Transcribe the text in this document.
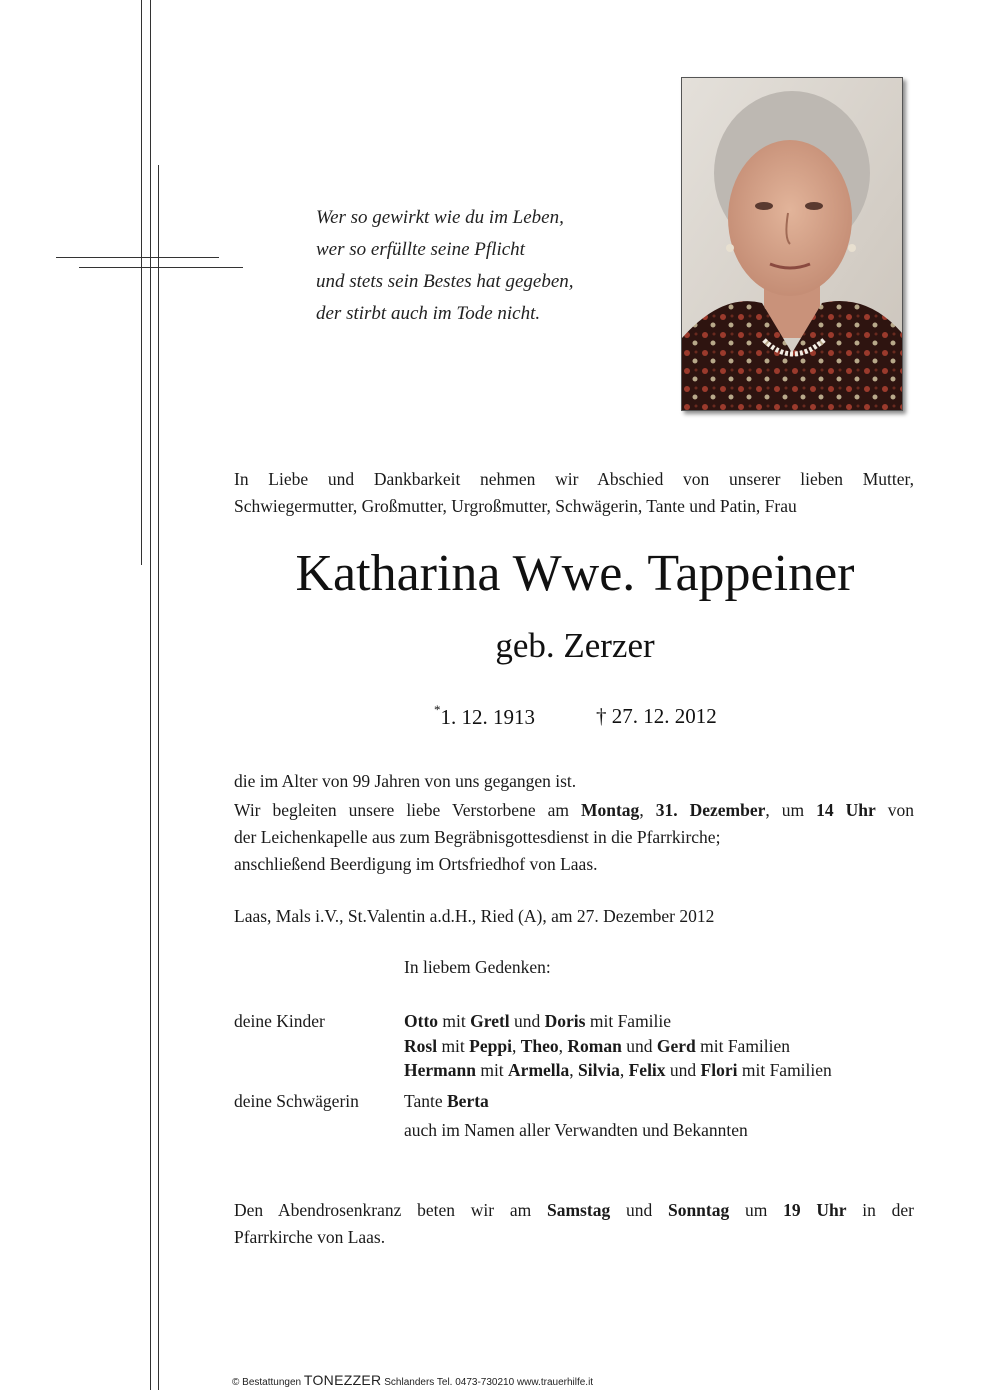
Wer so gewirkt wie du im Leben,
wer so erfüllte seine Pflicht
und stets sein Bestes hat gegeben,
der stirbt auch im Tode nicht.
In Liebe und Dankbarkeit nehmen wir Abschied von unserer lieben Mutter,
Schwiegermutter, Großmutter, Urgroßmutter, Schwägerin, Tante und Patin, Frau
Katharina Wwe. Tappeiner
geb. Zerzer
*1. 12. 1913	† 27. 12. 2012
die im Alter von 99 Jahren von uns gegangen ist.
Wir begleiten unsere liebe Verstorbene am Montag, 31. Dezember, um 14 Uhr von
der Leichenkapelle aus zum Begräbnisgottesdienst in die Pfarrkirche;
anschließend Beerdigung im Ortsfriedhof von Laas.
Laas, Mals i.V., St.Valentin a.d.H., Ried (A), am 27. Dezember 2012
In liebem Gedenken:
deine Kinder	Otto mit Gretl und Doris mit Familie
Rosl mit Peppi, Theo, Roman und Gerd mit Familien
Hermann mit Armella, Silvia, Felix und Flori mit Familien
deine Schwägerin	Tante Berta
auch im Namen aller Verwandten und Bekannten
Den Abendrosenkranz beten wir am Samstag und Sonntag um 19 Uhr in der
Pfarrkirche von Laas.
© Bestattungen TONEZZER Schlanders Tel. 0473-730210 www.trauerhilfe.it
